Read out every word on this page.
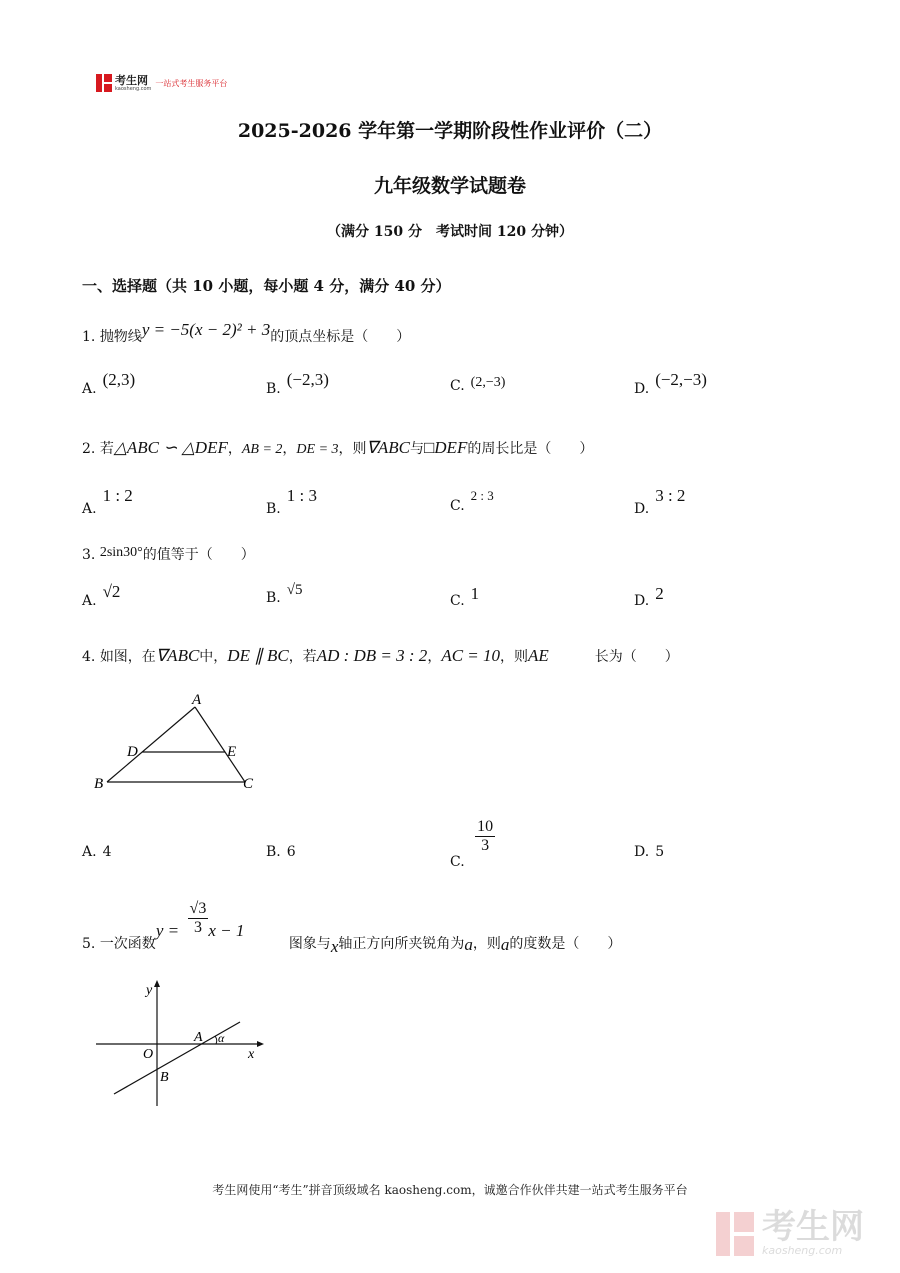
考生网
kaosheng.com
一站式考生服务平台
2025-2026 学年第一学期阶段性作业评价（二）
九年级数学试题卷
（满分 150 分　考试时间 120 分钟）
一、选择题（共 10 小题，每小题 4 分，满分 40 分）
1. 抛物线y = −5(x − 2)² + 3的顶点坐标是（　　）
A. (2,3)	B. (−2,3)	C. (2,−3)	D. (−2,−3)
2. 若△ABC ∽ △DEF，AB = 2，DE = 3，则∇ABC与□DEF的周长比是（　　）
A.1 : 2
B.1 : 3
C.2 : 3
D.3 : 2
3. 2sin30°的值等于（　　）
A. √2	B. √5
C. 1	D. 2
4. 如图，在∇ABC中，DE ∥ BC，若AD : DB = 3 : 2，AC = 10，则AE	长为（　　）
A
D	E
B	C
A. 4	B. 6
C.
$\frac{10}{3}$	D. 5
5. 一次函数$y = \frac{√3}{3}$ x − 1 图象与x轴正方向所夹锐角为a，则a的度数是（　　）
y
x
O
A
B
α
考生网使用“考生”拼音顶级域名 kaosheng.com，诚邀合作伙伴共建一站式考生服务平台
考生网
kaosheng.com
